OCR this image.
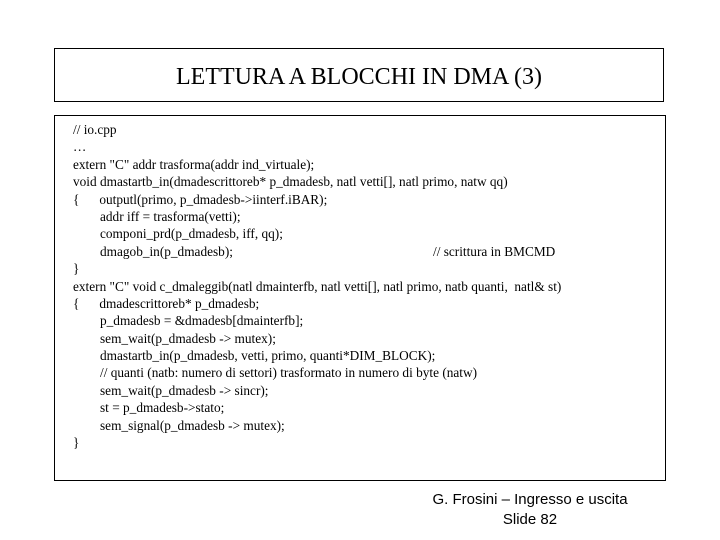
LETTURA A BLOCCHI IN DMA (3)
// io.cpp
…
extern "C" addr trasforma(addr ind_virtuale);
void dmastartb_in(dmadescrittoreb* p_dmadesb, natl vetti[], natl primo, natw qq)
{      outputl(primo, p_dmadesb->iinterf.iBAR);
addr iff = trasforma(vetti);
componi_prd(p_dmadesb, iff, qq);
dmagob_in(p_dmadesb);	// scrittura in BMCMD
}
extern "C" void c_dmaleggib(natl dmainterfb, natl vetti[], natl primo, natb quanti,  natl& st)
{      dmadescrittoreb* p_dmadesb;
p_dmadesb = &dmadesb[dmainterfb];
sem_wait(p_dmadesb -> mutex);
dmastartb_in(p_dmadesb, vetti, primo, quanti*DIM_BLOCK);
// quanti (natb: numero di settori) trasformato in numero di byte (natw)
sem_wait(p_dmadesb -> sincr);
st = p_dmadesb->stato;
sem_signal(p_dmadesb -> mutex);
}
G. Frosini – Ingresso e uscita
Slide 82
